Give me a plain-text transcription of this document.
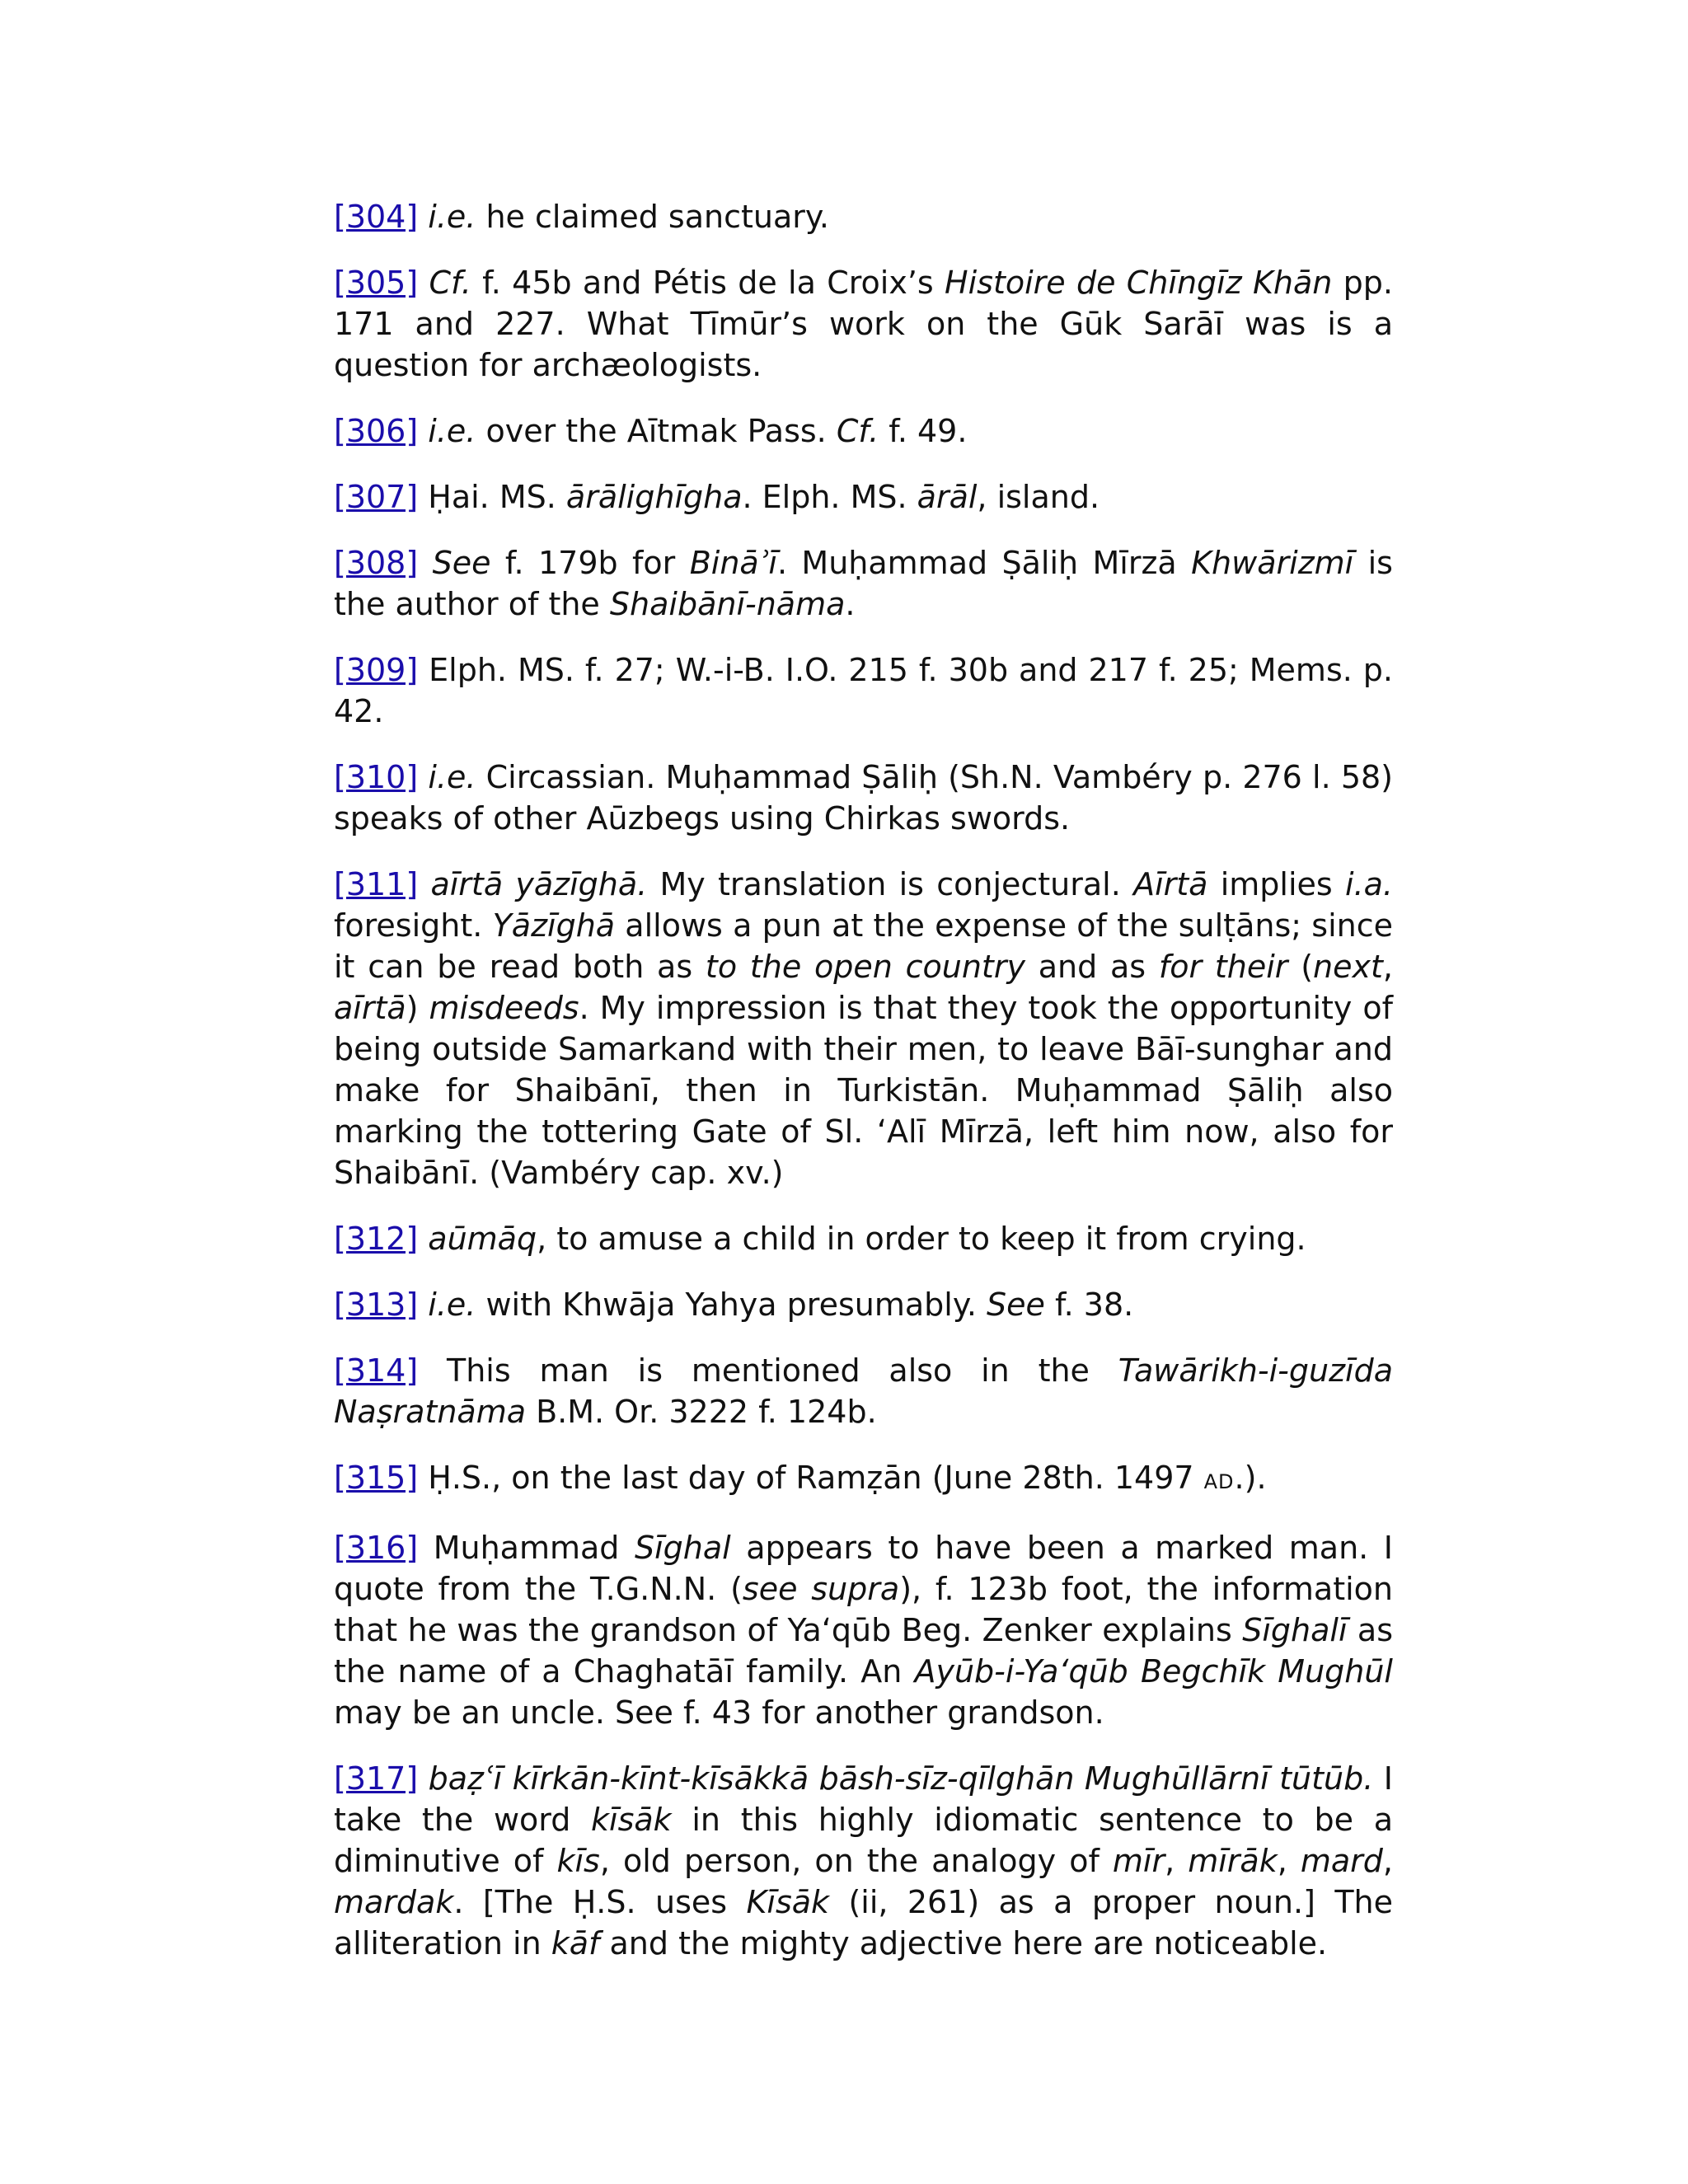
[304] i.e. he claimed sanctuary.

[305] Cf. f. 45b and Pétis de la Croix’s Histoire de Chīngīz Khān pp. 171 and 227. What Tīmūr’s work on the Gūk Sarāī was is a question for archæologists.

[306] i.e. over the Aītmak Pass. Cf. f. 49.

[307] Ḥai. MS. ārālighīgha. Elph. MS. ārāl, island.

[308] See f. 179b for Bināʾī. Muḥammad Ṣāliḥ Mīrzā Khwārizmī is the author of the Shaibānī-nāma.

[309] Elph. MS. f. 27; W.-i-B. I.O. 215 f. 30b and 217 f. 25; Mems. p. 42.

[310] i.e. Circassian. Muḥammad Ṣāliḥ (Sh.N. Vambéry p. 276 l. 58) speaks of other Aūzbegs using Chirkas swords.

[311] aīrtā yāzīghā. My translation is conjectural. Aīrtā implies i.a. foresight. Yāzīghā allows a pun at the expense of the sulṭāns; since it can be read both as to the open country and as for their (next, aīrtā) misdeeds. My impression is that they took the opportunity of being outside Samarkand with their men, to leave Bāī-sunghar and make for Shaibānī, then in Turkistān. Muḥammad Ṣāliḥ also marking the tottering Gate of Sl. ‘Alī Mīrzā, left him now, also for Shaibānī. (Vambéry cap. xv.)

[312] aūmāq, to amuse a child in order to keep it from crying.

[313] i.e. with Khwāja Yahya presumably. See f. 38.

[314] This man is mentioned also in the Tawārikh-i-guzīda Naṣratnāma B.M. Or. 3222 f. 124b.

[315] Ḥ.S., on the last day of Ramẓān (June 28th. 1497 AD.).

[316] Muḥammad Sīghal appears to have been a marked man. I quote from the T.G.N.N. (see supra), f. 123b foot, the information that he was the grandson of Ya‘qūb Beg. Zenker explains Sīghalī as the name of a Chaghatāī family. An Ayūb-i-Ya‘qūb Begchīk Mughūl may be an uncle. See f. 43 for another grandson.

[317] baẓʿī kīrkān-kīnt-kīsākkā bāsh-sīz-qīlghān Mughūllārnī tūtūb. I take the word kīsāk in this highly idiomatic sentence to be a diminutive of kīs, old person, on the analogy of mīr, mīrāk, mard, mardak. [The Ḥ.S. uses Kīsāk (ii, 261) as a proper noun.] The alliteration in kāf and the mighty adjective here are noticeable.
